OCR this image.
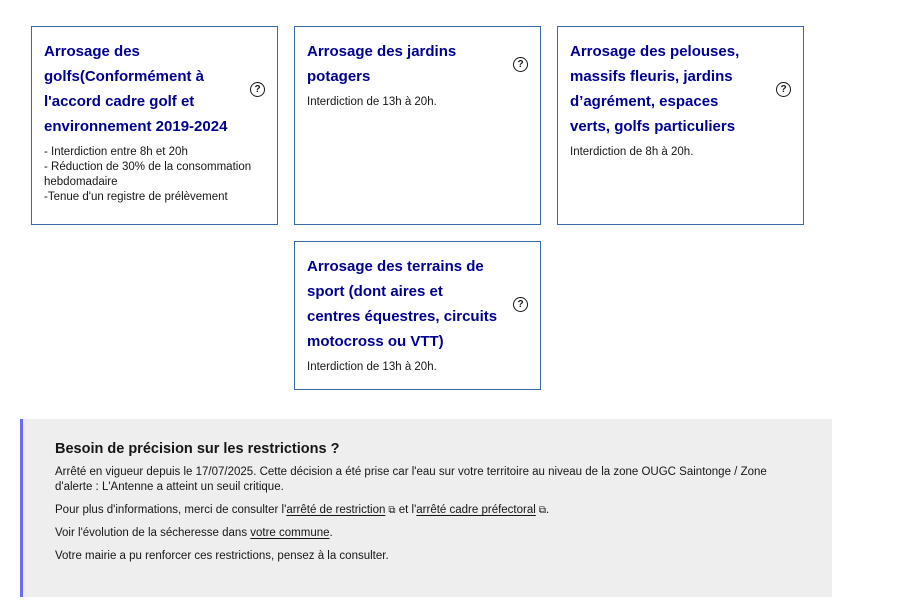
Arrosage des golfs(Conformément à l'accord cadre golf et environnement 2019-2024
?
- Interdiction entre 8h et 20h
- Réduction de 30% de la consommation hebdomadaire
-Tenue d'un registre de prélèvement
Arrosage des jardins potagers
?
Interdiction de 13h à 20h.
Arrosage des pelouses, massifs fleuris, jardins d’agrément, espaces verts, golfs particuliers
?
Interdiction de 8h à 20h.
Arrosage des terrains de sport (dont aires et centres équestres, circuits motocross ou VTT)
?
Interdiction de 13h à 20h.
Besoin de précision sur les restrictions ?

Arrêté en vigueur depuis le 17/07/2025. Cette décision a été prise car l'eau sur votre territoire au niveau de la zone OUGC Saintonge / Zone d'alerte : L'Antenne a atteint un seuil critique.

Pour plus d'informations, merci de consulter l'arrêté de restriction ⧉ et l'arrêté cadre préfectoral ⧉.

Voir l'évolution de la sécheresse dans votre commune.

Votre mairie a pu renforcer ces restrictions, pensez à la consulter.
